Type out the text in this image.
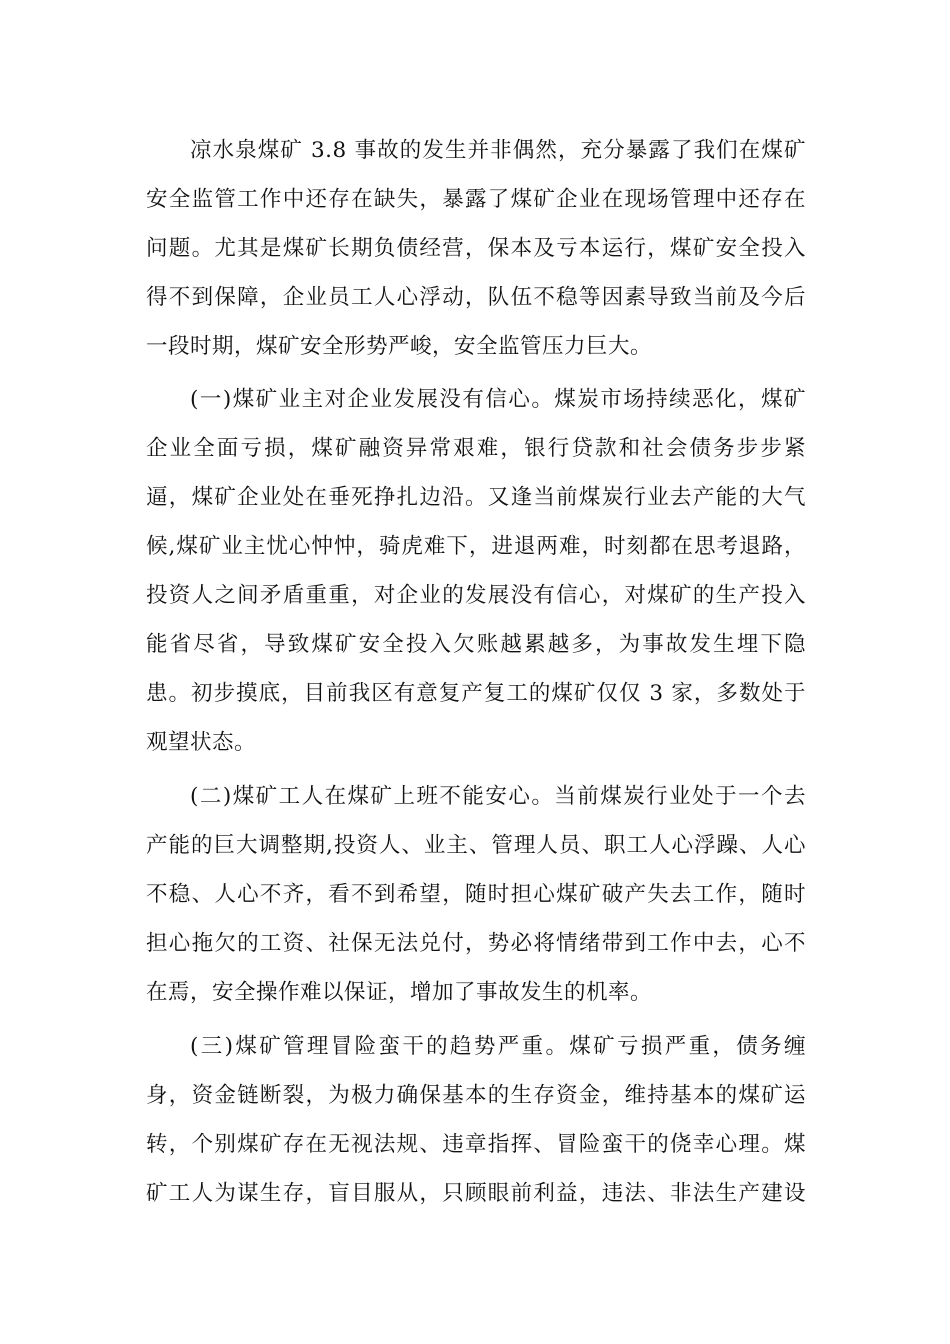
凉水泉煤矿 3.8 事故的发生并非偶然，充分暴露了我们在煤矿

安全监管工作中还存在缺失，暴露了煤矿企业在现场管理中还存在

问题。尤其是煤矿长期负债经营，保本及亏本运行，煤矿安全投入

得不到保障，企业员工人心浮动，队伍不稳等因素导致当前及今后

一段时期，煤矿安全形势严峻，安全监管压力巨大。

(一)煤矿业主对企业发展没有信心。煤炭市场持续恶化，煤矿

企业全面亏损，煤矿融资异常艰难，银行贷款和社会债务步步紧

逼，煤矿企业处在垂死挣扎边沿。又逢当前煤炭行业去产能的大气

候,煤矿业主忧心忡忡，骑虎难下，进退两难，时刻都在思考退路，

投资人之间矛盾重重，对企业的发展没有信心，对煤矿的生产投入

能省尽省，导致煤矿安全投入欠账越累越多，为事故发生埋下隐

患。初步摸底，目前我区有意复产复工的煤矿仅仅 3 家，多数处于

观望状态。

(二)煤矿工人在煤矿上班不能安心。当前煤炭行业处于一个去

产能的巨大调整期,投资人、业主、管理人员、职工人心浮躁、人心

不稳、人心不齐，看不到希望，随时担心煤矿破产失去工作，随时

担心拖欠的工资、社保无法兑付，势必将情绪带到工作中去，心不

在焉，安全操作难以保证，增加了事故发生的机率。

(三)煤矿管理冒险蛮干的趋势严重。煤矿亏损严重，债务缠

身，资金链断裂，为极力确保基本的生存资金，维持基本的煤矿运

转，个别煤矿存在无视法规、违章指挥、冒险蛮干的侥幸心理。煤

矿工人为谋生存，盲目服从，只顾眼前利益，违法、非法生产建设
